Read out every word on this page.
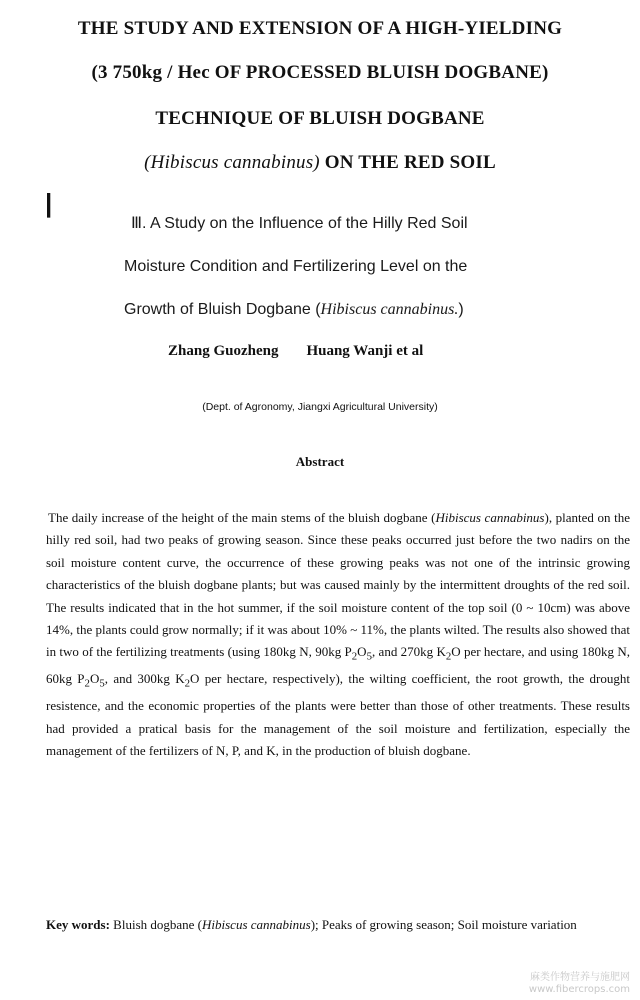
THE STUDY AND EXTENSION OF A HIGH-YIELDING
(3 750kg / Hec OF PROCESSED BLUISH DOGBANE)
TECHNIQUE OF BLUISH DOGBANE
(Hibiscus cannabinus) ON THE RED SOIL
|
Ⅲ. A Study on the Influence of the Hilly Red Soil
Moisture Condition and Fertilizering Level on the
Growth of Bluish Dogbane (Hibiscus cannabinus.)
Zhang Guozheng Huang Wanji et al
(Dept. of Agronomy, Jiangxi Agricultural University)
Abstract
The daily increase of the height of the main stems of the bluish dogbane (Hibiscus cannabinus), planted on the hilly red soil, had two peaks of growing season. Since these peaks occurred just before the two nadirs on the soil moisture content curve, the occurrence of these growing peaks was not one of the intrinsic growing characteristics of the bluish dogbane plants; but was caused mainly by the intermittent droughts of the red soil. The results indicated that in the hot summer, if the soil moisture content of the top soil (0 ~ 10cm) was above 14%, the plants could grow normally; if it was about 10% ~ 11%, the plants wilted. The results also showed that in two of the fertilizing treatments (using 180kg N, 90kg $P_2O_5$, and 270kg $K_2O$ per hectare, and using 180kg N, 60kg $P_2O_5$, and 300kg $K_2O$ per hectare, respectively), the wilting coefficient, the root growth, the drought resistence, and the economic properties of the plants were better than those of other treatments. These results had provided a pratical basis for the management of the soil moisture and fertilization, especially the management of the fertilizers of N, P, and K, in the production of bluish dogbane.
Key words: Bluish dogbane (Hibiscus cannabinus); Peaks of growing season; Soil moisture variation
麻类作物营养与施肥网
www.fibercrops.com
